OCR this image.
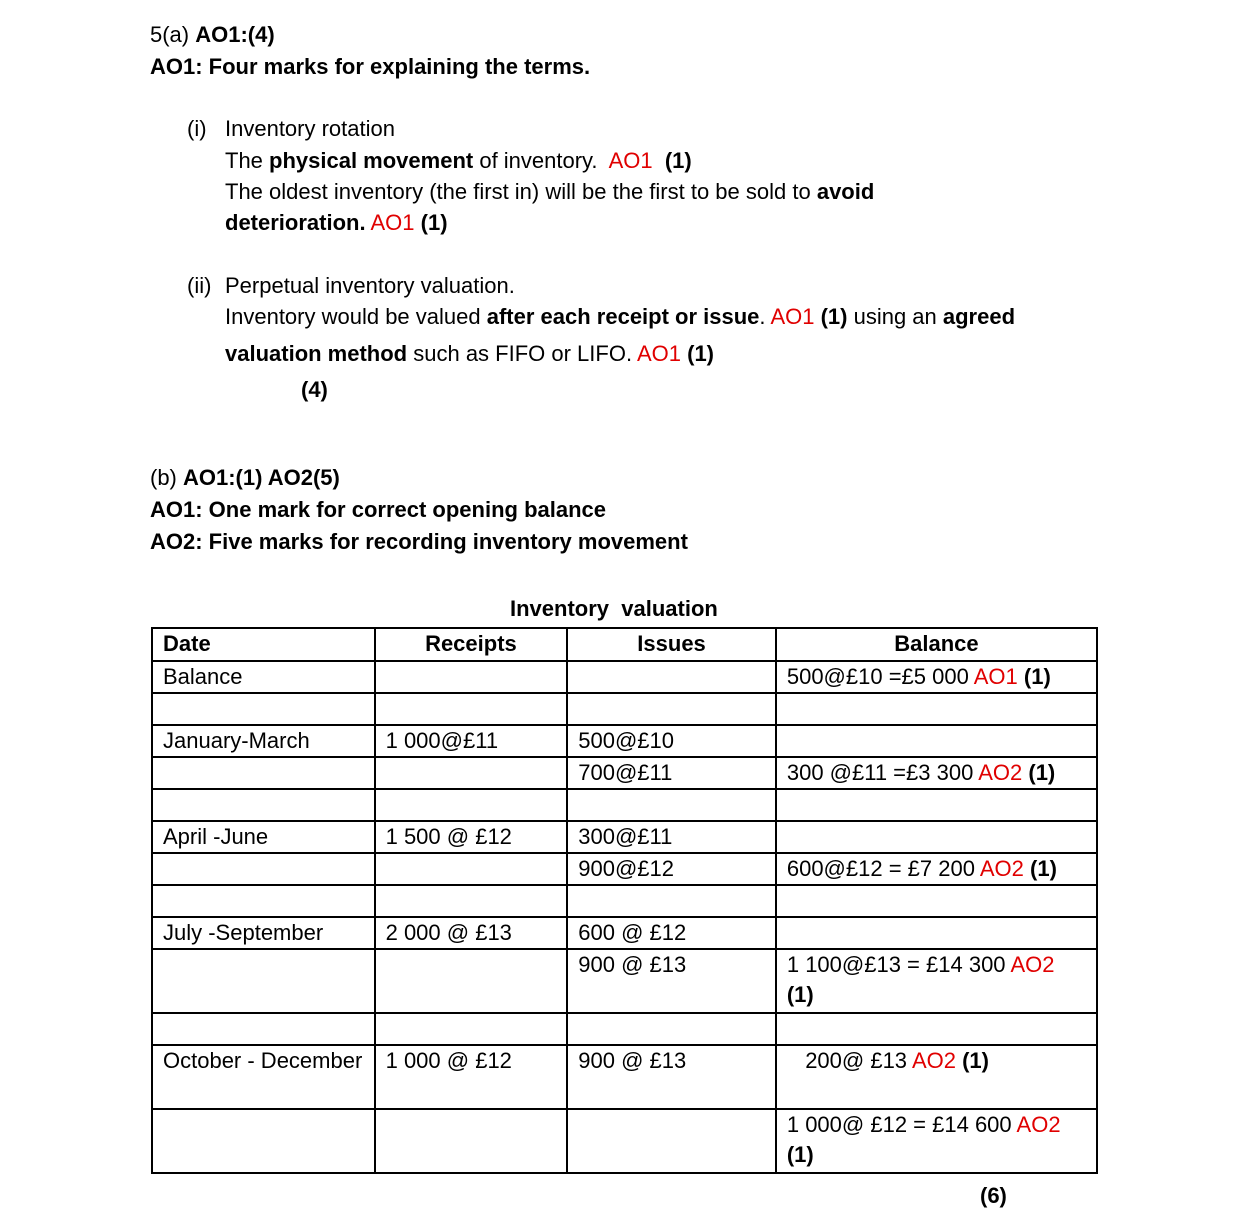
5(a) AO1:(4)
AO1: Four marks for explaining the terms.
(i) Inventory rotation
The physical movement of inventory.  AO1  (1)
The oldest inventory (the first in) will be the first to be sold to avoid
deterioration. AO1 (1)
(ii) Perpetual inventory valuation.
Inventory would be valued after each receipt or issue. AO1 (1) using an agreed
valuation method such as FIFO or LIFO. AO1 (1)
(4)
(b) AO1:(1) AO2(5)
AO1: One mark for correct opening balance
AO2: Five marks for recording inventory movement
Inventory  valuation
Date	Receipts	Issues	Balance
Balance			500@£10 =£5 000 AO1 (1)

January-March	1 000@£11	500@£10	
		700@£11	300 @£11 =£3 300 AO2 (1)

April -June	1 500 @ £12	300@£11	
		900@£12	600@£12 = £7 200 AO2 (1)

July -September	2 000 @ £13	600 @ £12	
		900 @ £13	1 100@£13 = £14 300 AO2 (1)

October - December	1 000 @ £12	900 @ £13	200@ £13 AO2 (1)
			1 000@ £12 = £14 600 AO2 (1)
(6)
